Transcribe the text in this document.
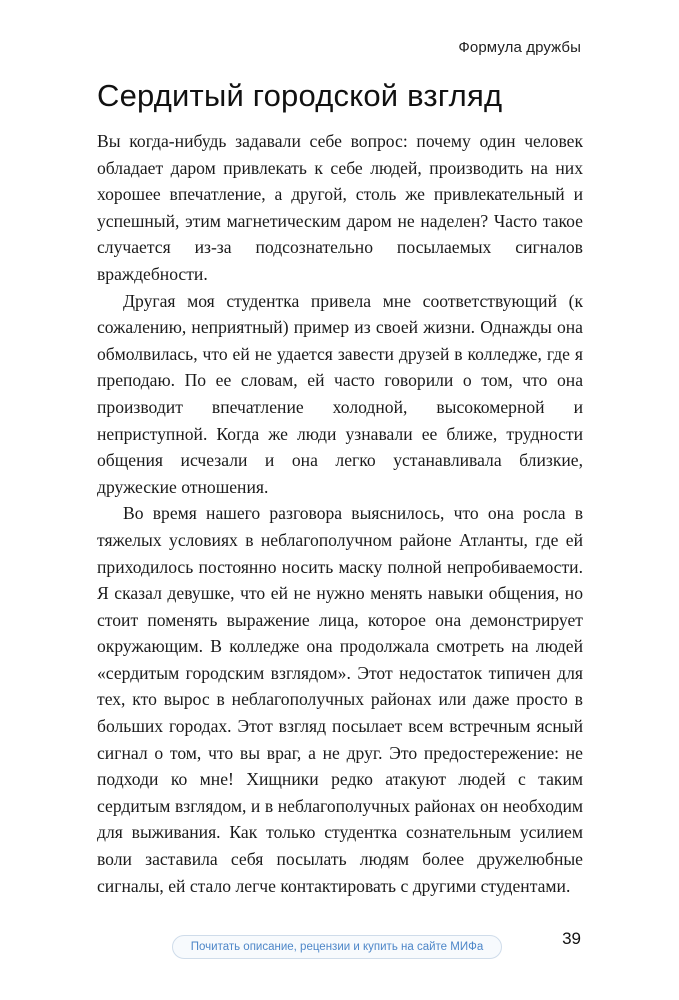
Формула дружбы
Сердитый городской взгляд

Вы когда-нибудь задавали себе вопрос: почему один человек обладает даром привлекать к себе людей, производить на них хорошее впечатление, а другой, столь же привлекательный и успешный, этим магнетическим даром не наделен? Часто такое случается из-за подсознательно посылаемых сигналов враждебности.

Другая моя студентка привела мне соответствующий (к сожалению, неприятный) пример из своей жизни. Однажды она обмолвилась, что ей не удается завести друзей в колледже, где я преподаю. По ее словам, ей часто говорили о том, что она производит впечатление холодной, высокомерной и неприступной. Когда же люди узнавали ее ближе, трудности общения исчезали и она легко устанавливала близкие, дружеские отношения.

Во время нашего разговора выяснилось, что она росла в тяжелых условиях в неблагополучном районе Атланты, где ей приходилось постоянно носить маску полной непробиваемости. Я сказал девушке, что ей не нужно менять навыки общения, но стоит поменять выражение лица, которое она демонстрирует окружающим. В колледже она продолжала смотреть на людей «сердитым городским взглядом». Этот недостаток типичен для тех, кто вырос в неблагополучных районах или даже просто в больших городах. Этот взгляд посылает всем встречным ясный сигнал о том, что вы враг, а не друг. Это предостережение: не подходи ко мне! Хищники редко атакуют людей с таким сердитым взглядом, и в неблагополучных районах он необходим для выживания. Как только студентка сознательным усилием воли заставила себя посылать людям более дружелюбные сигналы, ей стало легче контактировать с другими студентами.

Почитать описание, рецензии и купить на сайте МИФа	39
